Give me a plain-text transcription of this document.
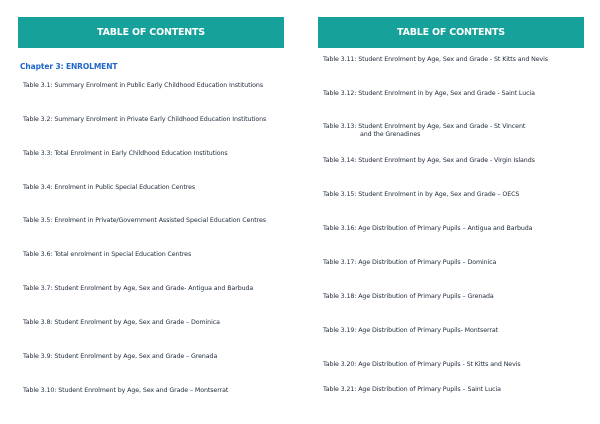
TABLE OF CONTENTS
Chapter 3: ENROLMENT
Table 3.1: Summary Enrolment in Public Early Childhood Education Institutions
Table 3.2: Summary Enrolment in Private Early Childhood Education Institutions
Table 3.3: Total Enrolment in Early Childhood Education Institutions
Table 3.4: Enrolment in Public Special Education Centres
Table 3.5: Enrolment in Private/Government Assisted Special Education Centres
Table 3.6: Total enrolment in Special Education Centres
Table 3.7: Student Enrolment by Age, Sex and Grade- Antigua and Barbuda
Table 3.8: Student Enrolment by Age, Sex and Grade – Dominica
Table 3.9: Student Enrolment by Age, Sex and Grade – Grenada
Table 3.10: Student Enrolment by Age, Sex and Grade – Montserrat
TABLE OF CONTENTS
Table 3.11: Student Enrolment by Age, Sex and Grade - St Kitts and Nevis
Table 3.12: Student Enrolment in by Age, Sex and Grade - Saint Lucia
Table 3.13: Student Enrolment by Age, Sex and Grade - St Vincent
and the Grenadines
Table 3.14: Student Enrolment by Age, Sex and Grade - Virgin Islands
Table 3.15: Student Enrolment in by Age, Sex and Grade – OECS
Table 3.16: Age Distribution of Primary Pupils – Antigua and Barbuda
Table 3.17: Age Distribution of Primary Pupils – Dominica
Table 3.18: Age Distribution of Primary Pupils – Grenada
Table 3.19: Age Distribution of Primary Pupils- Montserrat
Table 3.20: Age Distribution of Primary Pupils - St Kitts and Nevis
Table 3.21: Age Distribution of Primary Pupils – Saint Lucia
